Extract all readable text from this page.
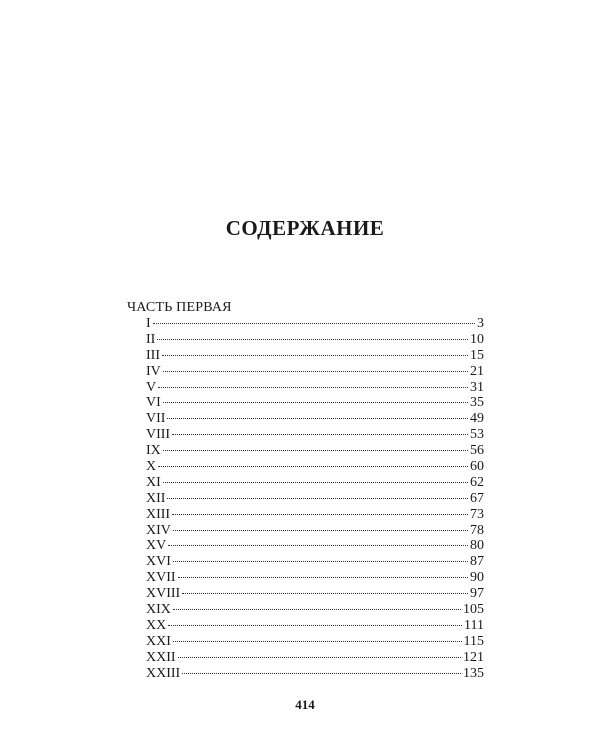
СОДЕРЖАНИЕ
ЧАСТЬ ПЕРВАЯ
I	3
II	10
III	15
IV	21
V	31
VI	35
VII	49
VIII	53
IX	56
X	60
XI	62
XII	67
XIII	73
XIV	78
XV	80
XVI	87
XVII	90
XVIII	97
XIX	105
XX	111
XXI	115
XXII	121
XXIII	135
414
